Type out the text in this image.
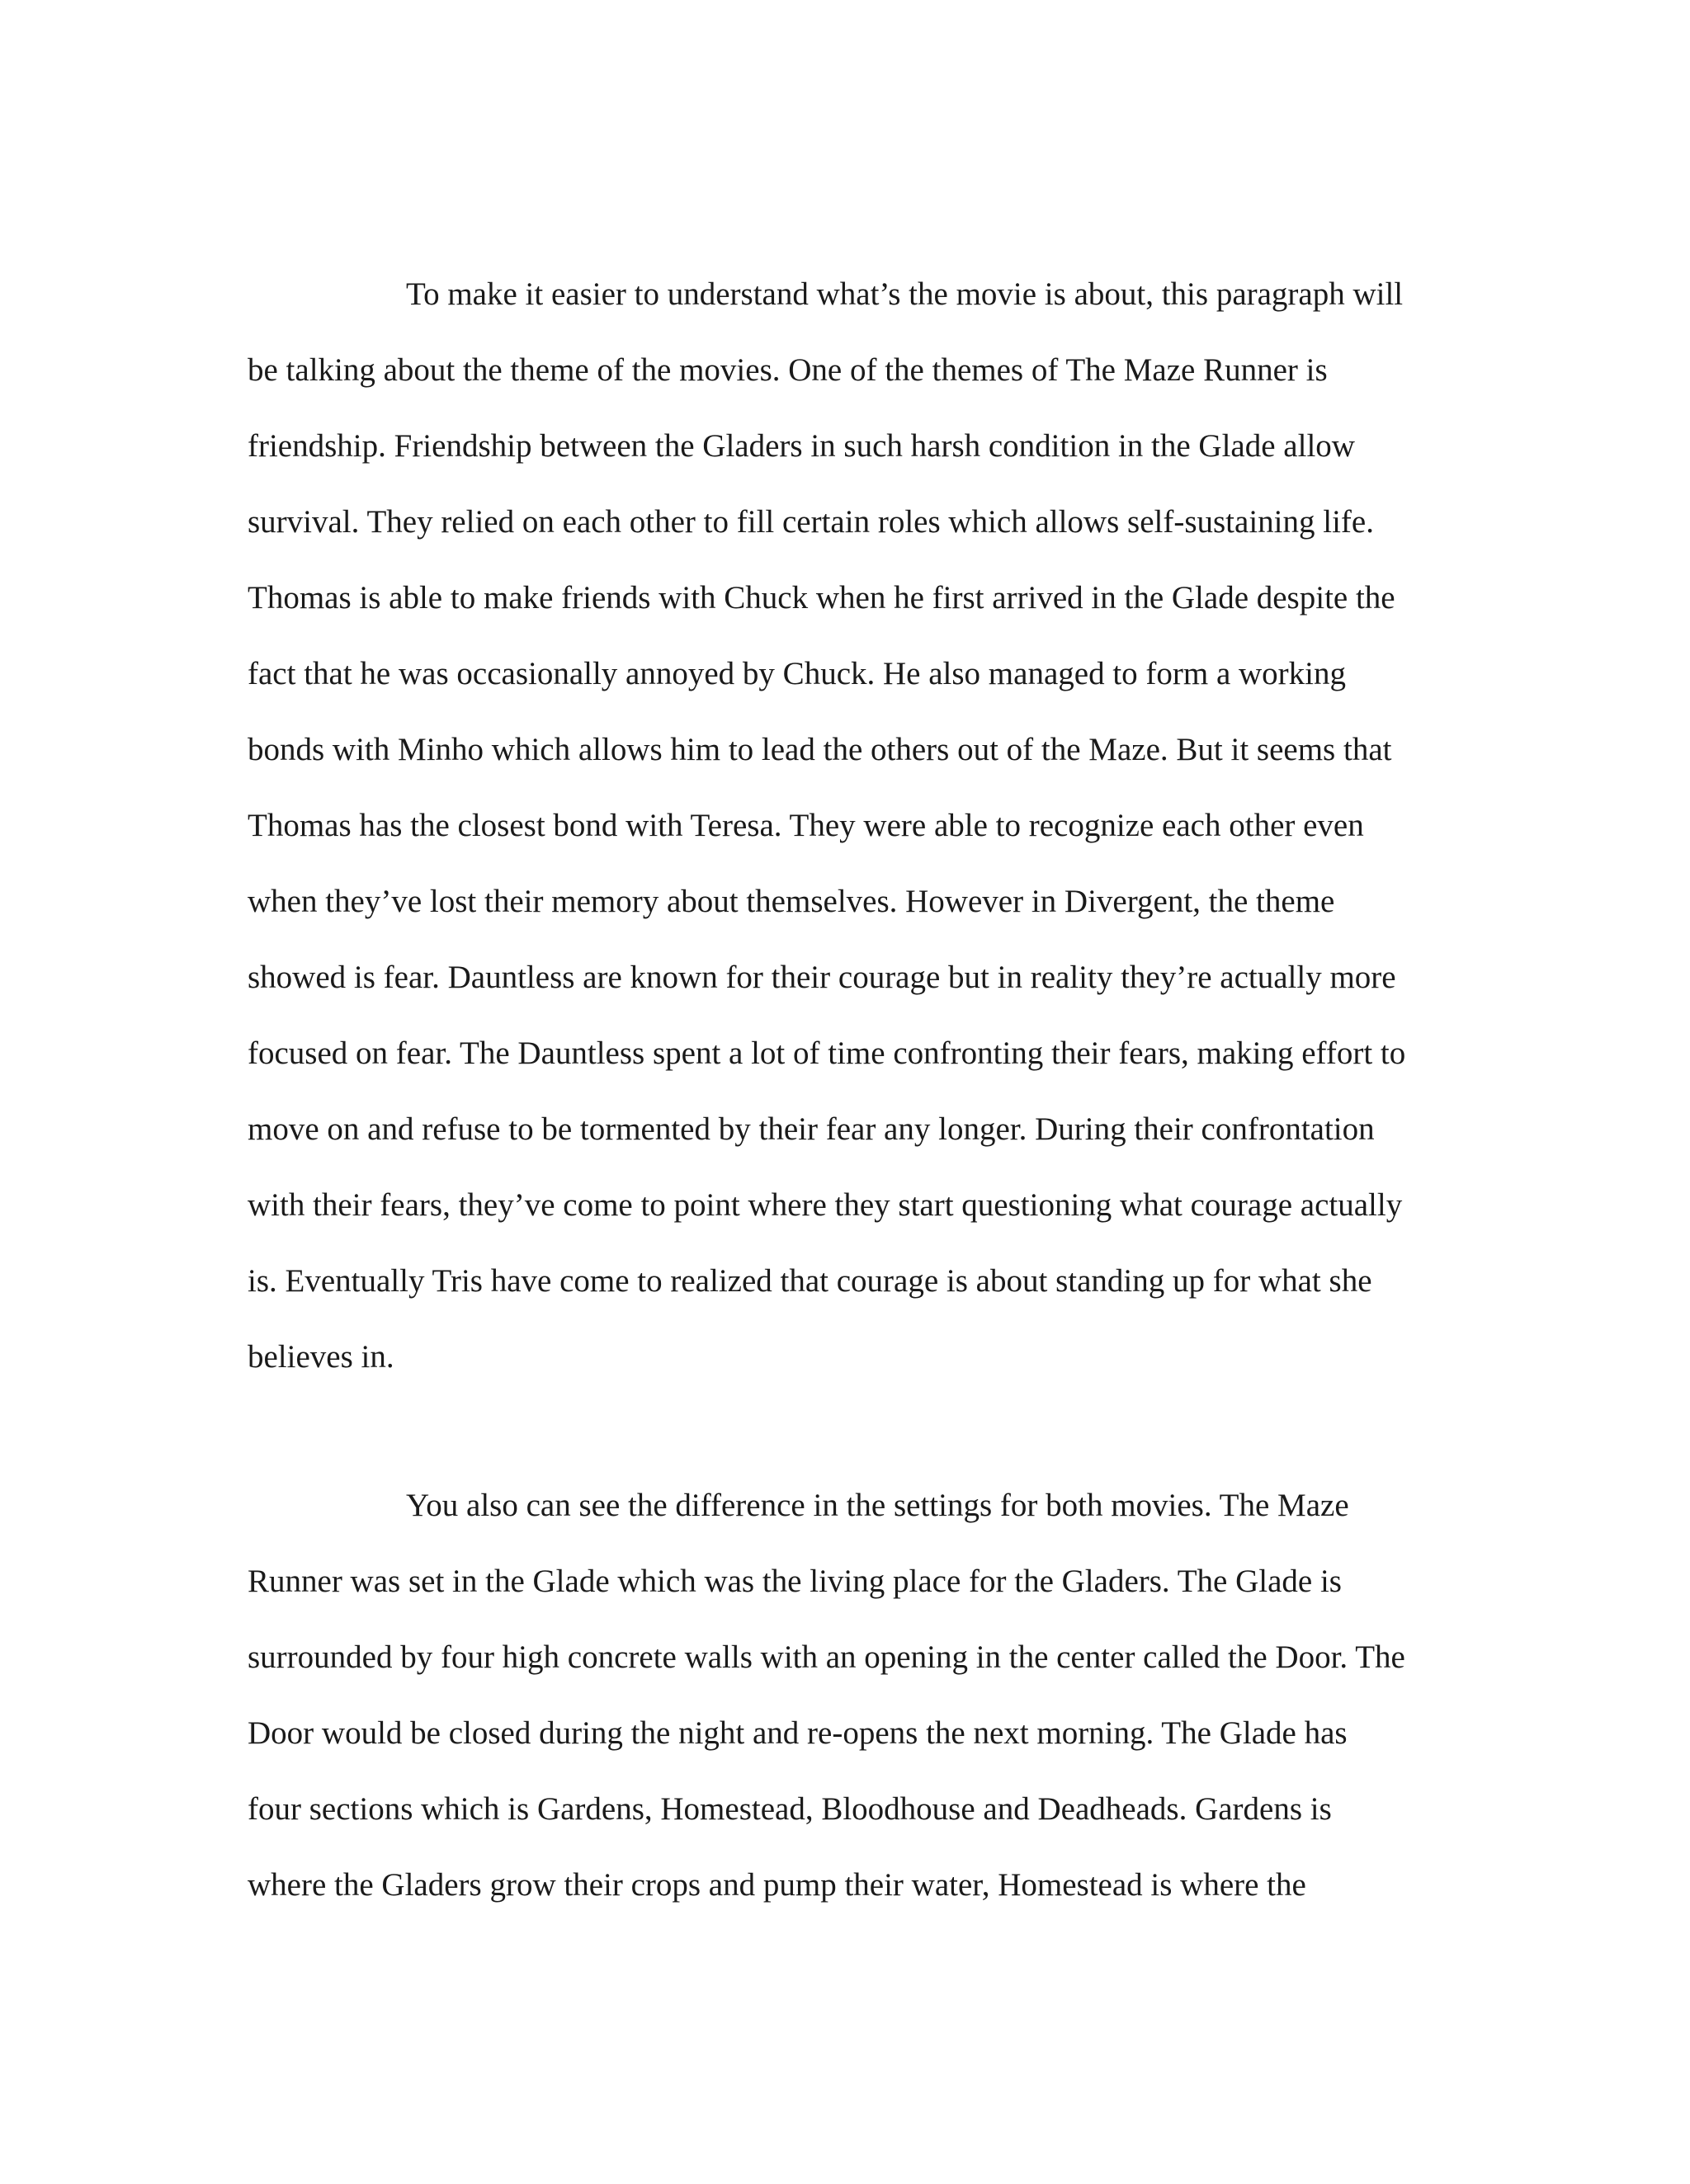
To make it easier to understand what’s the movie is about, this paragraph will
be talking about the theme of the movies. One of the themes of The Maze Runner is
friendship. Friendship between the Gladers in such harsh condition in the Glade allow
survival. They relied on each other to fill certain roles which allows self-sustaining life.
Thomas is able to make friends with Chuck when he first arrived in the Glade despite the
fact that he was occasionally annoyed by Chuck. He also managed to form a working
bonds with Minho which allows him to lead the others out of the Maze. But it seems that
Thomas has the closest bond with Teresa. They were able to recognize each other even
when they’ve lost their memory about themselves. However in Divergent, the theme
showed is fear. Dauntless are known for their courage but in reality they’re actually more
focused on fear. The Dauntless spent a lot of time confronting their fears, making effort to
move on and refuse to be tormented by their fear any longer. During their confrontation
with their fears, they’ve come to point where they start questioning what courage actually
is. Eventually Tris have come to realized that courage is about standing up for what she
believes in.
You also can see the difference in the settings for both movies. The Maze
Runner was set in the Glade which was the living place for the Gladers. The Glade is
surrounded by four high concrete walls with an opening in the center called the Door. The
Door would be closed during the night and re-opens the next morning. The Glade has
four sections which is Gardens, Homestead, Bloodhouse and Deadheads. Gardens is
where the Gladers grow their crops and pump their water, Homestead is where the
